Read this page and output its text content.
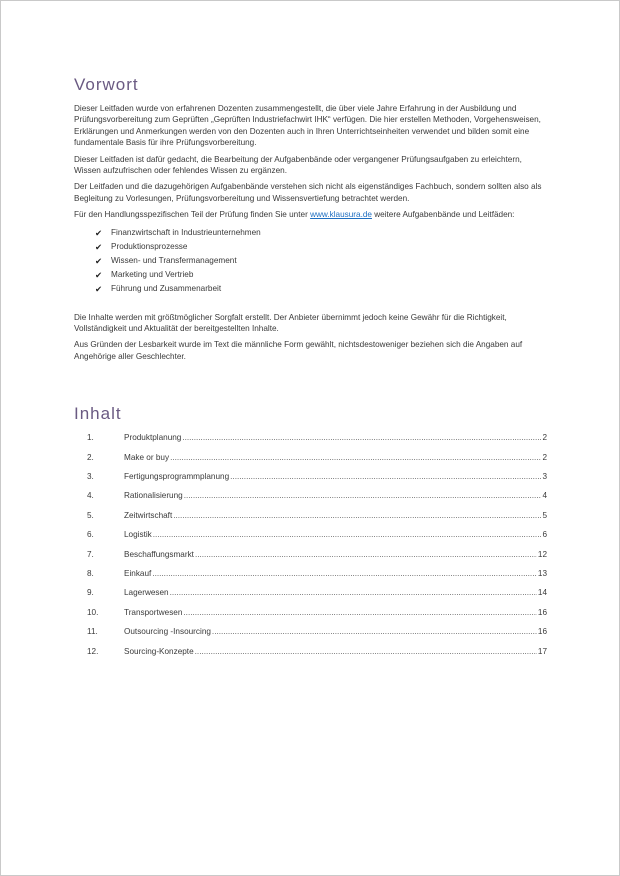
Vorwort

Dieser Leitfaden wurde von erfahrenen Dozenten zusammengestellt, die über viele Jahre Erfahrung in der Ausbildung und Prüfungsvorbereitung zum Geprüften „Geprüften Industriefachwirt IHK“ verfügen. Die hier erstellen Methoden, Vorgehensweisen, Erklärungen und Anmerkungen werden von den Dozenten auch in Ihren Unterrichtseinheiten verwendet und bilden somit eine fundamentale Basis für ihre Prüfungsvorbereitung.

Dieser Leitfaden ist dafür gedacht, die Bearbeitung der Aufgabenbände oder vergangener Prüfungsaufgaben zu erleichtern, Wissen aufzufrischen oder fehlendes Wissen zu ergänzen.

Der Leitfaden und die dazugehörigen Aufgabenbände verstehen sich nicht als eigenständiges Fachbuch, sondern sollten also als Begleitung zu Vorlesungen, Prüfungsvorbereitung und Wissensvertiefung betrachtet werden.

Für den Handlungsspezifischen Teil der Prüfung finden Sie unter www.klausura.de weitere Aufgabenbände und Leitfäden:

✔	Finanzwirtschaft in Industrieunternehmen
✔	Produktionsprozesse
✔	Wissen- und Transfermanagement
✔	Marketing und Vertrieb
✔	Führung und Zusammenarbeit

Die Inhalte werden mit größtmöglicher Sorgfalt erstellt. Der Anbieter übernimmt jedoch keine Gewähr für die Richtigkeit, Vollständigkeit und Aktualität der bereitgestellten Inhalte.

Aus Gründen der Lesbarkeit wurde im Text die männliche Form gewählt, nichtsdestoweniger beziehen sich die Angaben auf Angehörige aller Geschlechter.

Inhalt
1.	Produktplanung .....	2
2.	Make or buy .....	2
3.	Fertigungsprogrammplanung .....	3
4.	Rationalisierung .....	4
5.	Zeitwirtschaft .....	5
6.	Logistik .....	6
7.	Beschaffungsmarkt .....	12
8.	Einkauf .....	13
9.	Lagerwesen .....	14
10.	Transportwesen .....	16
11.	Outsourcing -Insourcing .....	16
12.	Sourcing-Konzepte .....	17
